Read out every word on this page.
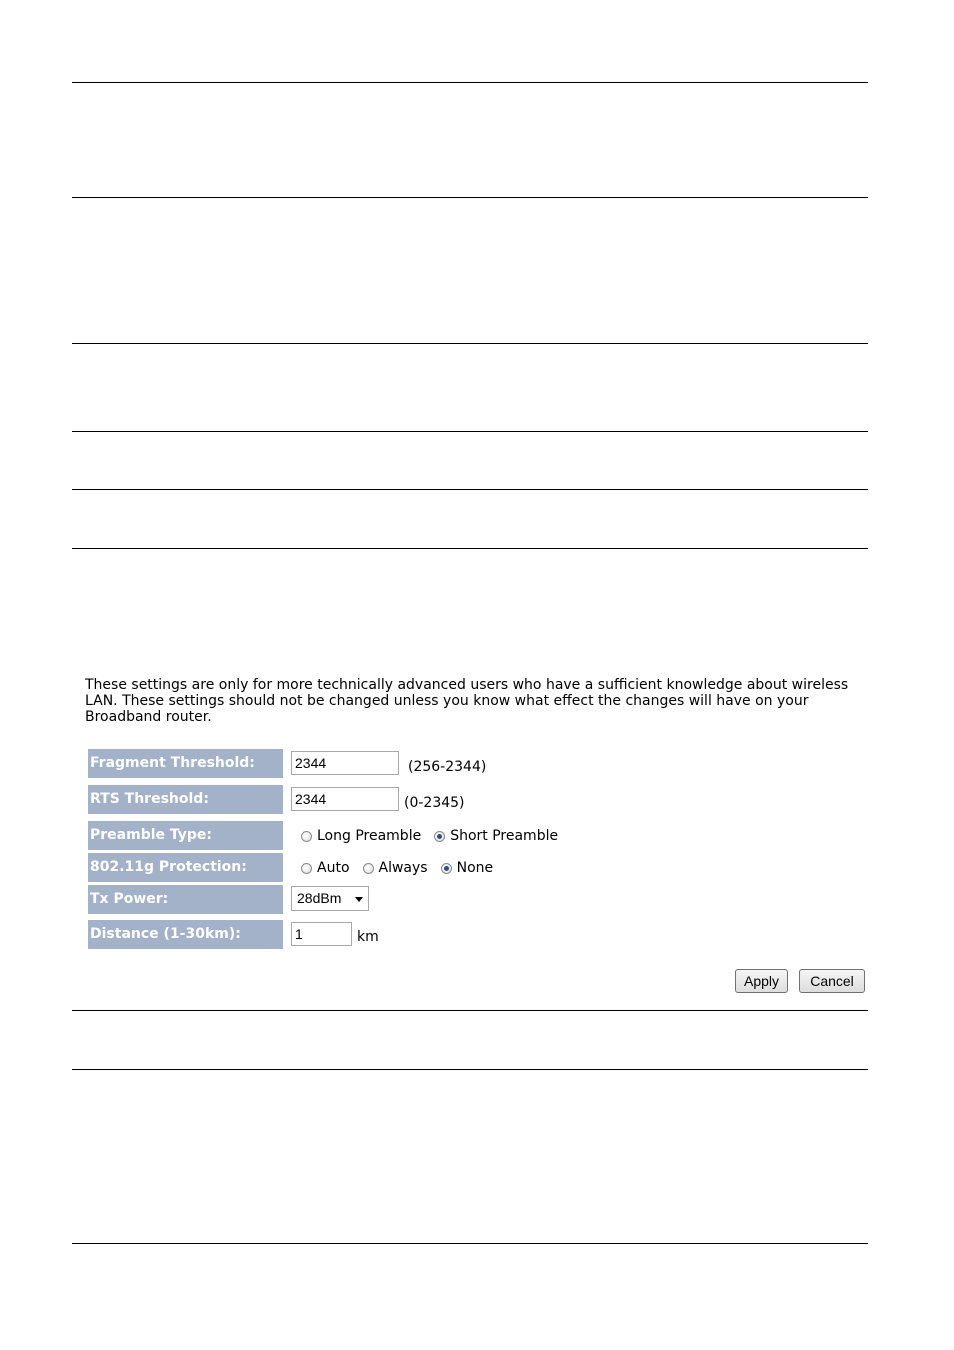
These settings are only for more technically advanced users who have a sufficient knowledge about wireless LAN. These settings should not be changed unless you know what effect the changes will have on your Broadband router.
Fragment Threshold:	2344	(256-2344)
RTS Threshold:	2344	(0-2345)
Preamble Type:	Long Preamble Short Preamble
802.11g Protection:	Auto Always None
Tx Power:	28dBm
Distance (1-30km):	1	km
Apply	Cancel
